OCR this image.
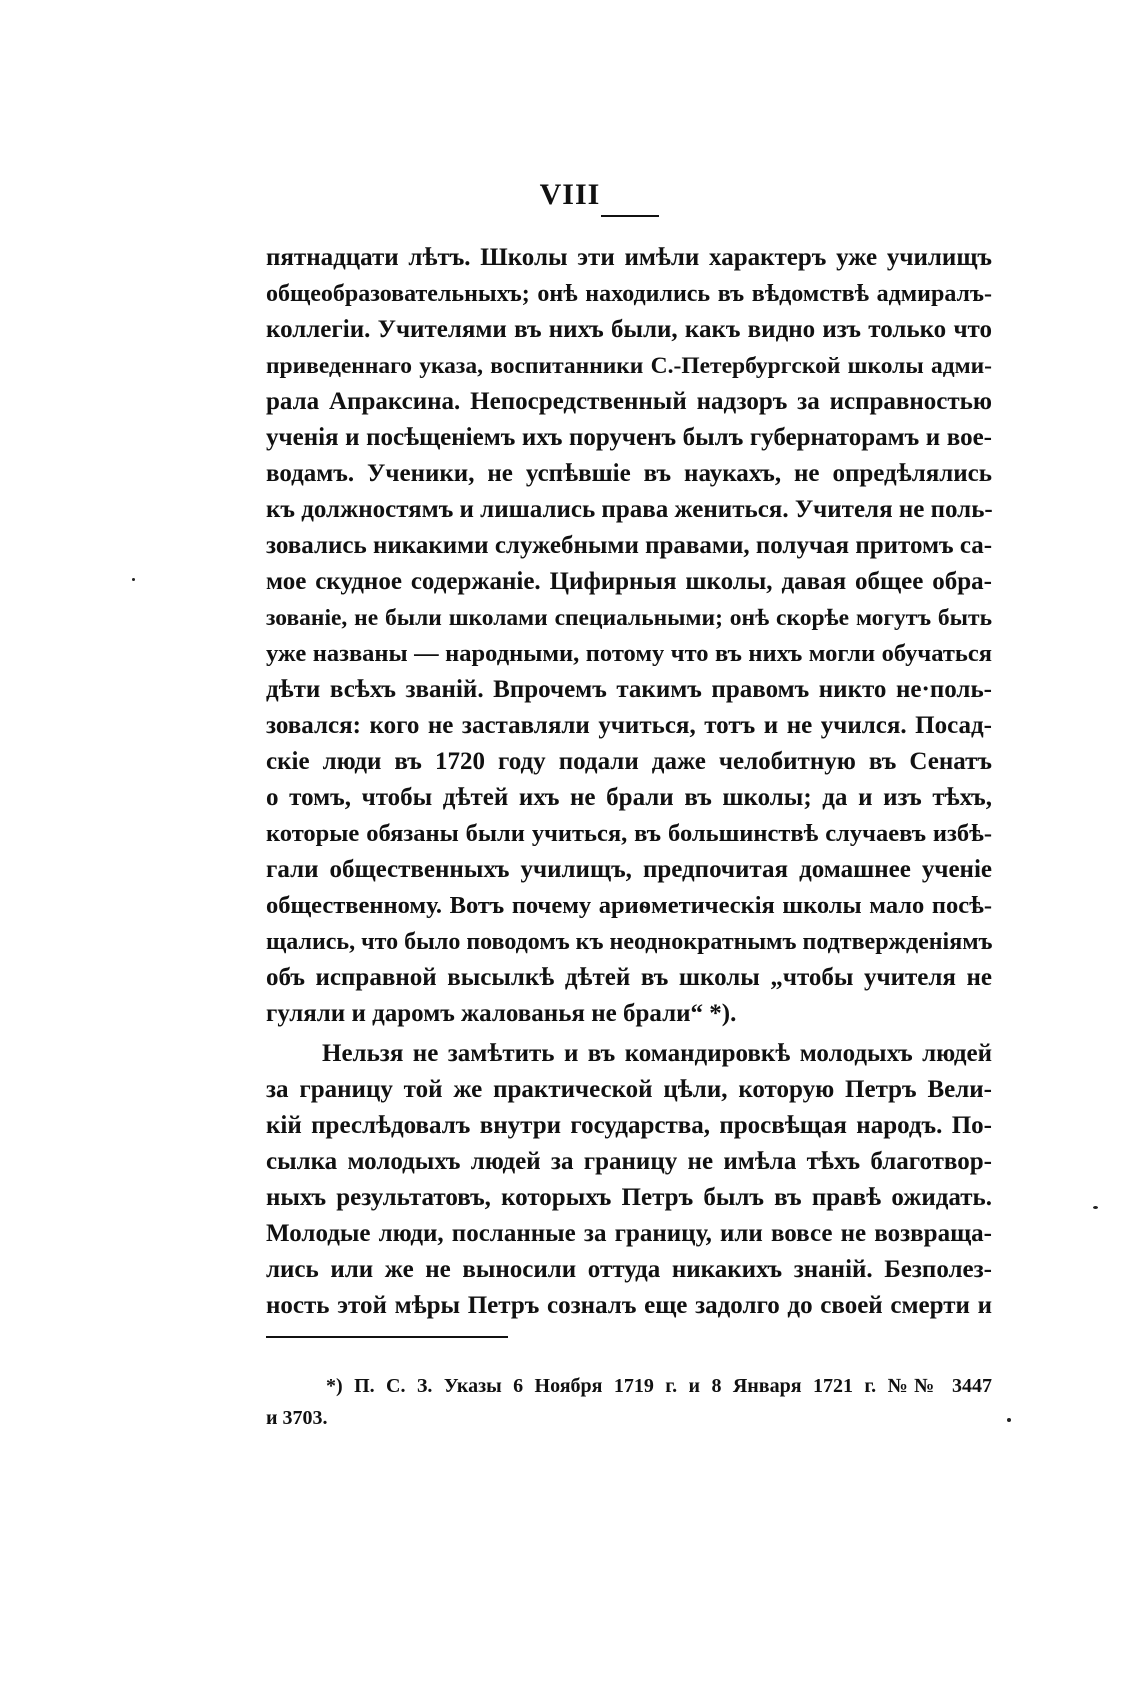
VIII
пятнадцати лѣтъ. Школы эти имѣли характеръ уже училищъ
общеобразовательныхъ; онѣ находились въ вѣдомствѣ адмиралъ-
коллегіи. Учителями въ нихъ были, какъ видно изъ только что
приведеннаго указа, воспитанники С.-Петербургской школы адми-
рала Апраксина. Непосредственный надзоръ за исправностью
ученія и посѣщеніемъ ихъ порученъ былъ губернаторамъ и вое-
водамъ. Ученики, не успѣвшіе въ наукахъ, не опредѣлялись
къ должностямъ и лишались права жениться. Учителя не поль-
зовались никакими служебными правами, получая притомъ са-
мое скудное содержаніе. Цифирныя школы, давая общее обра-
зованіе, не были школами специальными; онѣ скорѣе могутъ быть
уже названы — народными, потому что въ нихъ могли обучаться
дѣти всѣхъ званій. Впрочемъ такимъ правомъ никто не·поль-
зовался: кого не заставляли учиться, тотъ и не учился. Посад-
скіе люди въ 1720 году подали даже челобитную въ Сенатъ
о томъ, чтобы дѣтей ихъ не брали въ школы; да и изъ тѣхъ,
которые обязаны были учиться, въ большинствѣ случаевъ избѣ-
гали общественныхъ училищъ, предпочитая домашнее ученіе
общественному. Вотъ почему ариѳметическія школы мало посѣ-
щались, что было поводомъ къ неоднократнымъ подтвержденіямъ
объ исправной высылкѣ дѣтей въ школы „чтобы учителя не
гуляли и даромъ жалованья не брали“ *).
Нельзя не замѣтить и въ командировкѣ молодыхъ людей
за границу той же практической цѣли, которую Петръ Вели-
кій преслѣдовалъ внутри государства, просвѣщая народъ. По-
сылка молодыхъ людей за границу не имѣла тѣхъ благотвор-
ныхъ результатовъ, которыхъ Петръ былъ въ правѣ ожидать.
Молодые люди, посланные за границу, или вовсе не возвраща-
лись или же не выносили оттуда никакихъ знаній. Безполез-
ность этой мѣры Петръ созналъ еще задолго до своей смерти и
*) П. С. З. Указы 6 Ноября 1719 г. и 8 Января 1721 г. №№ 3447
и 3703.
